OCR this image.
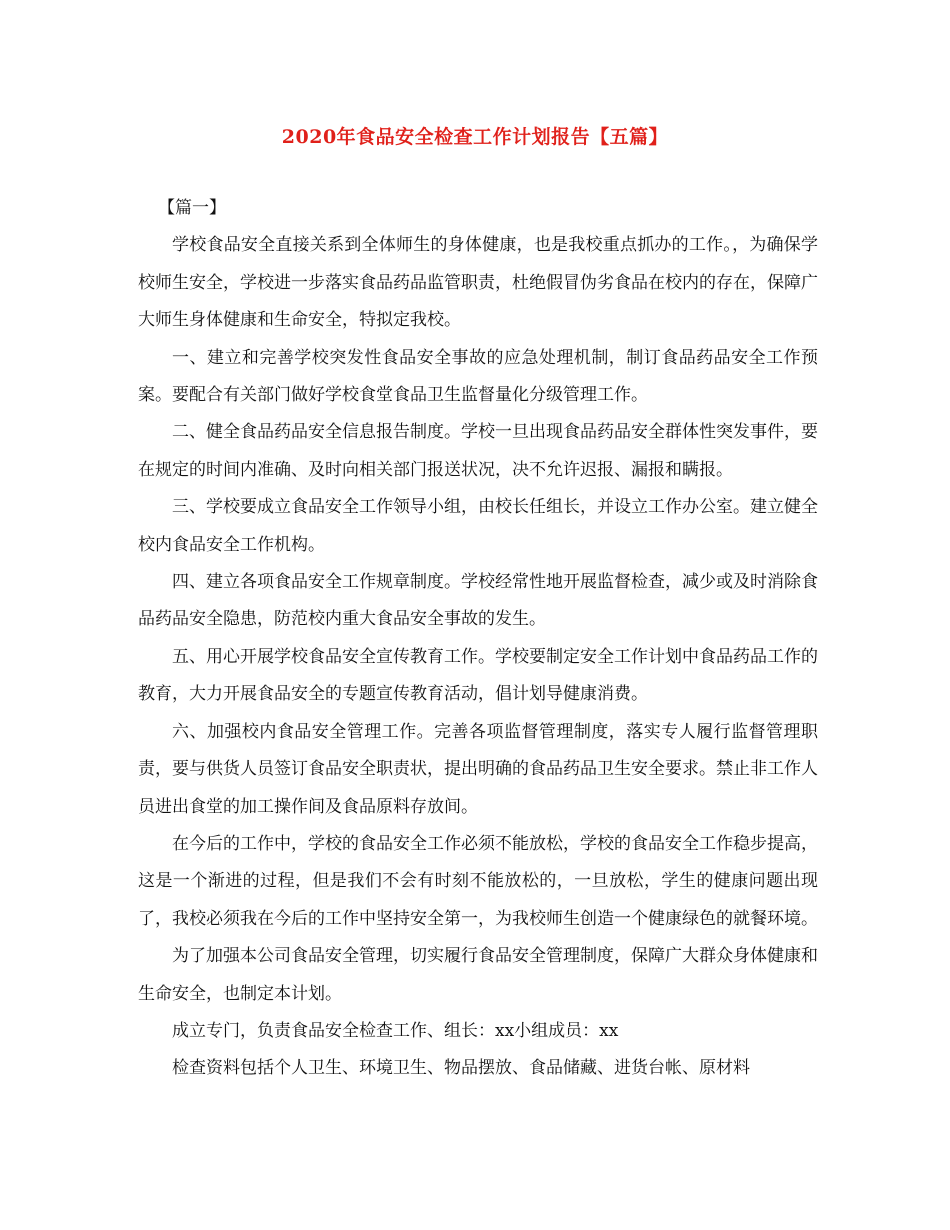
2020年食品安全检查工作计划报告【五篇】

【篇一】

学校食品安全直接关系到全体师生的身体健康，也是我校重点抓办的工作。，为确保学校师生安全，学校进一步落实食品药品监管职责，杜绝假冒伪劣食品在校内的存在，保障广大师生身体健康和生命安全，特拟定我校。

一、建立和完善学校突发性食品安全事故的应急处理机制，制订食品药品安全工作预案。要配合有关部门做好学校食堂食品卫生监督量化分级管理工作。

二、健全食品药品安全信息报告制度。学校一旦出现食品药品安全群体性突发事件，要在规定的时间内准确、及时向相关部门报送状况，决不允许迟报、漏报和瞒报。

三、学校要成立食品安全工作领导小组，由校长任组长，并设立工作办公室。建立健全校内食品安全工作机构。

四、建立各项食品安全工作规章制度。学校经常性地开展监督检查，减少或及时消除食品药品安全隐患，防范校内重大食品安全事故的发生。

五、用心开展学校食品安全宣传教育工作。学校要制定安全工作计划中食品药品工作的教育，大力开展食品安全的专题宣传教育活动，倡计划导健康消费。

六、加强校内食品安全管理工作。完善各项监督管理制度，落实专人履行监督管理职责，要与供货人员签订食品安全职责状，提出明确的食品药品卫生安全要求。禁止非工作人员进出食堂的加工操作间及食品原料存放间。

在今后的工作中，学校的食品安全工作必须不能放松，学校的食品安全工作稳步提高，这是一个渐进的过程，但是我们不会有时刻不能放松的，一旦放松，学生的健康问题出现了，我校必须我在今后的工作中坚持安全第一，为我校师生创造一个健康绿色的就餐环境。

为了加强本公司食品安全管理，切实履行食品安全管理制度，保障广大群众身体健康和生命安全，也制定本计划。

成立专门，负责食品安全检查工作、组长：xx小组成员：xx

检查资料包括个人卫生、环境卫生、物品摆放、食品储藏、进货台帐、原材料
